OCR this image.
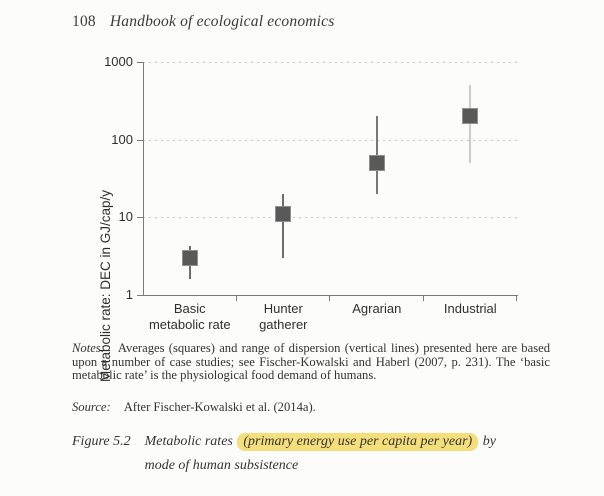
108 Handbook of ecological economics
Metabolic rate: DEC in GJ/cap/y 1
10
100
1000
Basic
metabolic rate
Hunter
gatherer
Agrarian	Industrial
Notes: Averages (squares) and range of dispersion (vertical lines) presented here are based upon a number of case studies; see Fischer-Kowalski and Haberl (2007, p. 231). The ‘basic metabolic rate’ is the physiological food demand of humans.
Source: After Fischer-Kowalski et al. (2014a).
Figure 5.2 Metabolic rates (primary energy use per capita per year) by
mode of human subsistence
